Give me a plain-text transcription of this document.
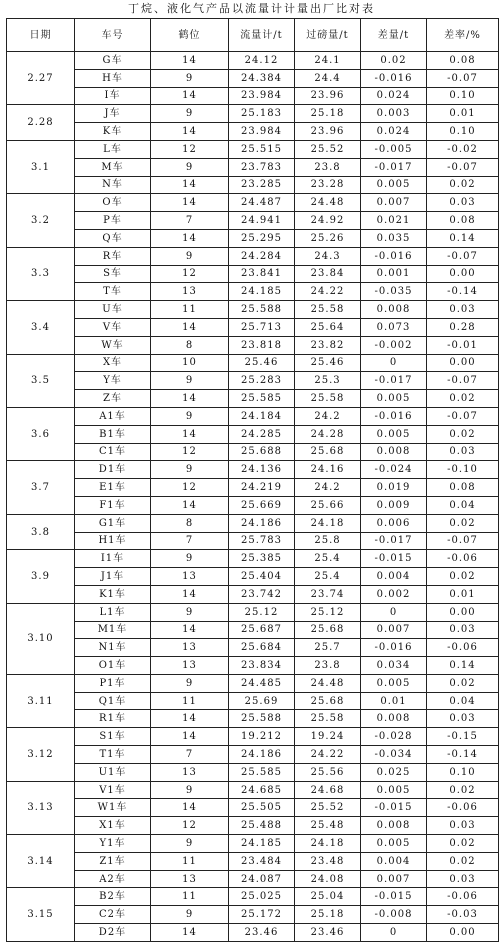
丁烷、液化气产品以流量计计量出厂比对表
日期	车号	鹤位	流量计/t	过磅量/t	差量/t	差率/%
2.27	G车	14	24.12	24.1	0.02	0.08
	H车	9	24.384	24.4	-0.016	-0.07
	I车	14	23.984	23.96	0.024	0.10
2.28	J车	9	25.183	25.18	0.003	0.01
	K车	14	23.984	23.96	0.024	0.10
3.1	L车	12	25.515	25.52	-0.005	-0.02
	M车	9	23.783	23.8	-0.017	-0.07
	N车	14	23.285	23.28	0.005	0.02
3.2	O车	14	24.487	24.48	0.007	0.03
	P车	7	24.941	24.92	0.021	0.08
	Q车	14	25.295	25.26	0.035	0.14
3.3	R车	9	24.284	24.3	-0.016	-0.07
	S车	12	23.841	23.84	0.001	0.00
	T车	13	24.185	24.22	-0.035	-0.14
3.4	U车	11	25.588	25.58	0.008	0.03
	V车	14	25.713	25.64	0.073	0.28
	W车	8	23.818	23.82	-0.002	-0.01
3.5	X车	10	25.46	25.46	0	0.00
	Y车	9	25.283	25.3	-0.017	-0.07
	Z车	14	25.585	25.58	0.005	0.02
3.6	A1车	9	24.184	24.2	-0.016	-0.07
	B1车	14	24.285	24.28	0.005	0.02
	C1车	12	25.688	25.68	0.008	0.03
3.7	D1车	9	24.136	24.16	-0.024	-0.10
	E1车	12	24.219	24.2	0.019	0.08
	F1车	14	25.669	25.66	0.009	0.04
3.8	G1车	8	24.186	24.18	0.006	0.02
	H1车	7	25.783	25.8	-0.017	-0.07
3.9	I1车	9	25.385	25.4	-0.015	-0.06
	J1车	13	25.404	25.4	0.004	0.02
	K1车	14	23.742	23.74	0.002	0.01
3.10	L1车	9	25.12	25.12	0	0.00
	M1车	14	25.687	25.68	0.007	0.03
	N1车	13	25.684	25.7	-0.016	-0.06
	O1车	13	23.834	23.8	0.034	0.14
3.11	P1车	9	24.485	24.48	0.005	0.02
	Q1车	11	25.69	25.68	0.01	0.04
	R1车	14	25.588	25.58	0.008	0.03
3.12	S1车	14	19.212	19.24	-0.028	-0.15
	T1车	7	24.186	24.22	-0.034	-0.14
	U1车	13	25.585	25.56	0.025	0.10
3.13	V1车	9	24.685	24.68	0.005	0.02
	W1车	14	25.505	25.52	-0.015	-0.06
	X1车	12	25.488	25.48	0.008	0.03
3.14	Y1车	9	24.185	24.18	0.005	0.02
	Z1车	11	23.484	23.48	0.004	0.02
	A2车	13	24.087	24.08	0.007	0.03
3.15	B2车	11	25.025	25.04	-0.015	-0.06
	C2车	9	25.172	25.18	-0.008	-0.03
	D2车	14	23.46	23.46	0	0.00
